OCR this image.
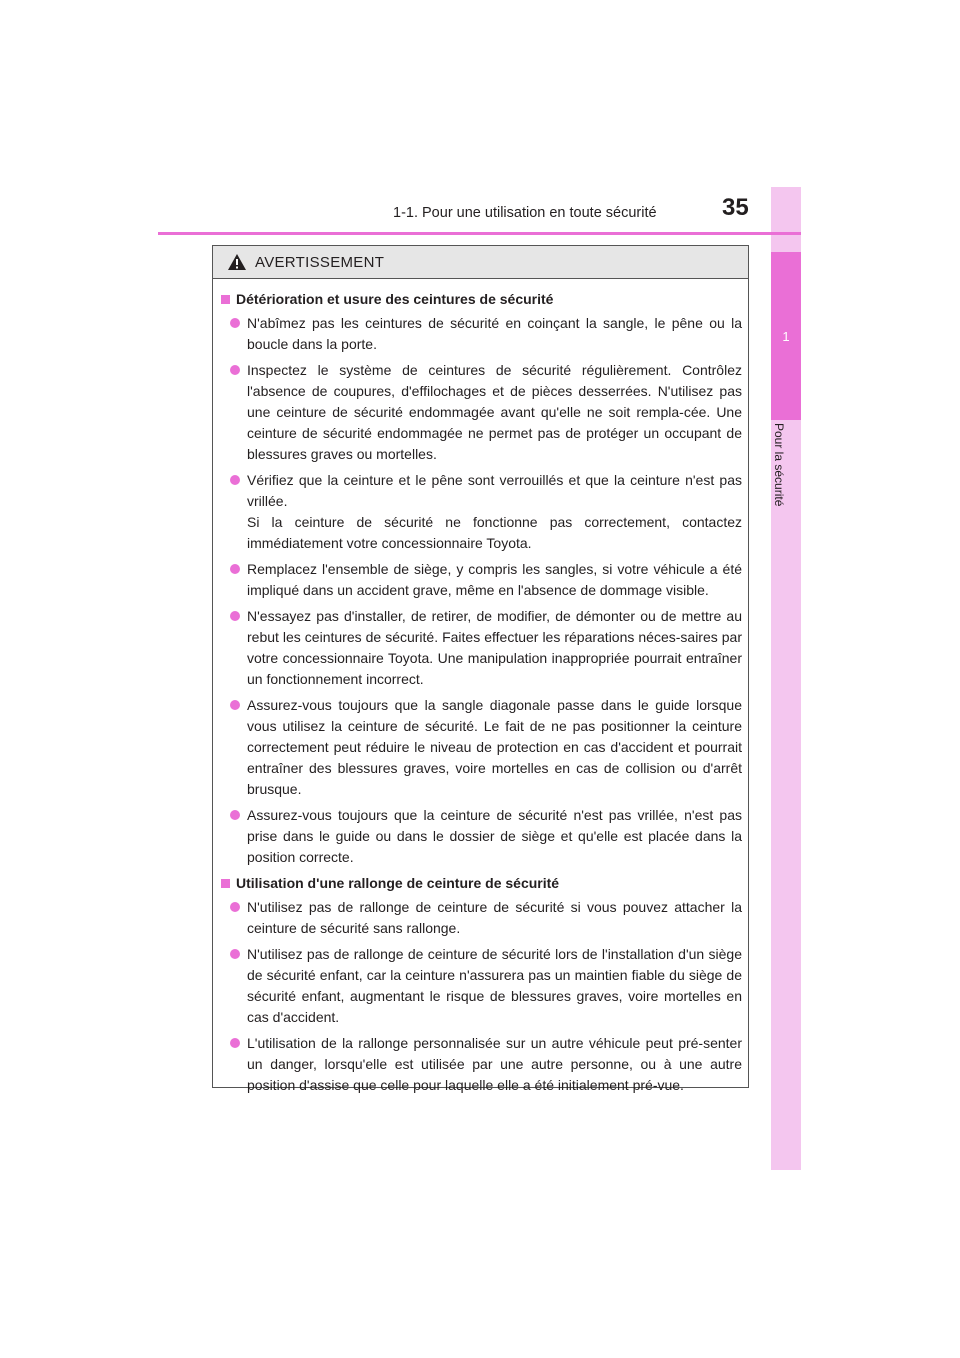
1
Pour la sécurité
1-1. Pour une utilisation en toute sécurité	35
AVERTISSEMENT
Détérioration et usure des ceintures de sécurité
N'abîmez pas les ceintures de sécurité en coinçant la sangle, le pêne ou la boucle dans la porte.
Inspectez le système de ceintures de sécurité régulièrement. Contrôlez l'absence de coupures, d'effilochages et de pièces desserrées. N'utilisez pas une ceinture de sécurité endommagée avant qu'elle ne soit rempla-cée. Une ceinture de sécurité endommagée ne permet pas de protéger un occupant de blessures graves ou mortelles.
Vérifiez que la ceinture et le pêne sont verrouillés et que la ceinture n'est pas vrillée.
Si la ceinture de sécurité ne fonctionne pas correctement, contactez immédiatement votre concessionnaire Toyota.
Remplacez l'ensemble de siège, y compris les sangles, si votre véhicule a été impliqué dans un accident grave, même en l'absence de dommage visible.
N'essayez pas d'installer, de retirer, de modifier, de démonter ou de mettre au rebut les ceintures de sécurité. Faites effectuer les réparations néces-saires par votre concessionnaire Toyota. Une manipulation inappropriée pourrait entraîner un fonctionnement incorrect.
Assurez-vous toujours que la sangle diagonale passe dans le guide lorsque vous utilisez la ceinture de sécurité. Le fait de ne pas positionner la ceinture correctement peut réduire le niveau de protection en cas d'accident et pourrait entraîner des blessures graves, voire mortelles en cas de collision ou d'arrêt brusque.
Assurez-vous toujours que la ceinture de sécurité n'est pas vrillée, n'est pas prise dans le guide ou dans le dossier de siège et qu'elle est placée dans la position correcte.
Utilisation d'une rallonge de ceinture de sécurité
N'utilisez pas de rallonge de ceinture de sécurité si vous pouvez attacher la ceinture de sécurité sans rallonge.
N'utilisez pas de rallonge de ceinture de sécurité lors de l'installation d'un siège de sécurité enfant, car la ceinture n'assurera pas un maintien fiable du siège de sécurité enfant, augmentant le risque de blessures graves, voire mortelles en cas d'accident.
L'utilisation de la rallonge personnalisée sur un autre véhicule peut pré-senter un danger, lorsqu'elle est utilisée par une autre personne, ou à une autre position d'assise que celle pour laquelle elle a été initialement pré-vue.
